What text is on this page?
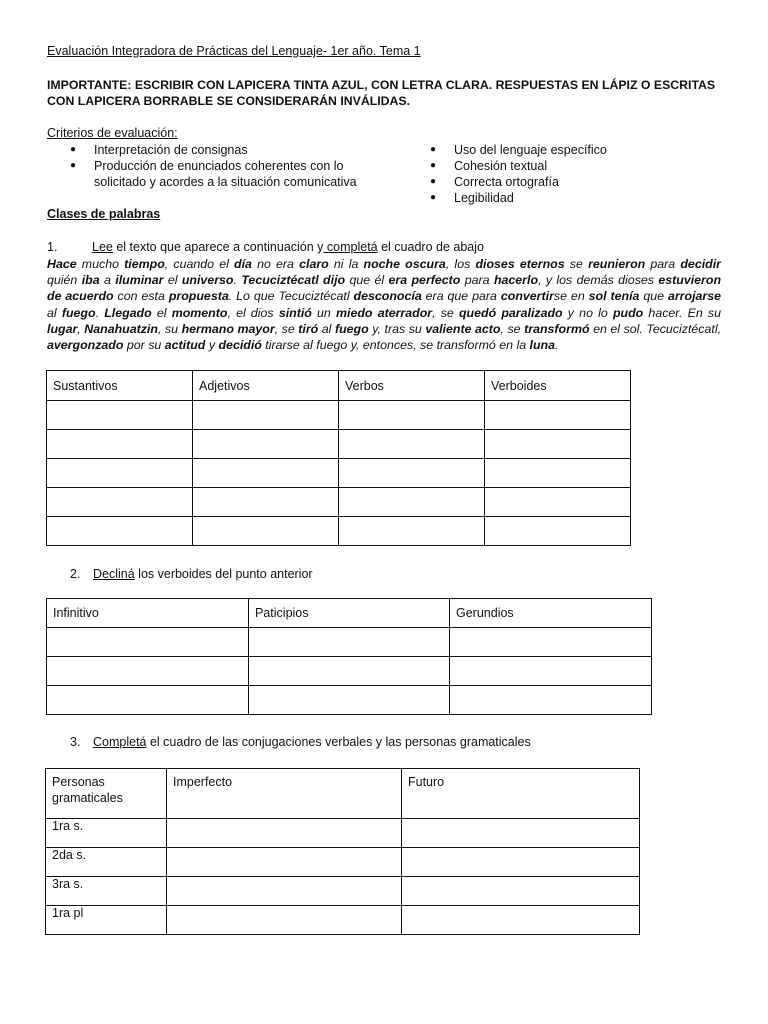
Evaluación Integradora de Prácticas del Lenguaje- 1er año. Tema 1
IMPORTANTE: ESCRIBIR CON LAPICERA TINTA AZUL, CON LETRA CLARA. RESPUESTAS EN LÁPIZ O ESCRITAS CON LAPICERA BORRABLE SE CONSIDERARÁN INVÁLIDAS.
Criterios de evaluación:
● Interpretación de consignas
● Producción de enunciados coherentes con lo solicitado y acordes a la situación comunicativa
● Uso del lenguaje específico
● Cohesión textual
● Correcta ortografía
● Legibilidad
Clases de palabras
1.	Lee el texto que aparece a continuación y completá el cuadro de abajo
Hace mucho tiempo, cuando el día no era claro ni la noche oscura, los dioses eternos se reunieron para decidir quién iba a iluminar el universo. Tecuciztécatl dijo que él era perfecto para hacerlo, y los demás dioses estuvieron de acuerdo con esta propuesta. Lo que Tecuciztécatl desconocía era que para convertirse en sol tenía que arrojarse al fuego. Llegado el momento, el dios sintió un miedo aterrador, se quedó paralizado y no lo pudo hacer. En su lugar, Nanahuatzin, su hermano mayor, se tiró al fuego y, tras su valiente acto, se transformó en el sol. Tecuciztécatl, avergonzado por su actitud y decidió tirarse al fuego y, entonces, se transformó en la luna.
Sustantivos	Adjetivos	Verbos	Verboides

2. Decliná los verboides del punto anterior
Infinitivo	Paticipios	Gerundios

3. Completá el cuadro de las conjugaciones verbales y las personas gramaticales
Personas gramaticales	Imperfecto	Futuro
1ra s.		
2da s.		
3ra s.		
1ra pl		
